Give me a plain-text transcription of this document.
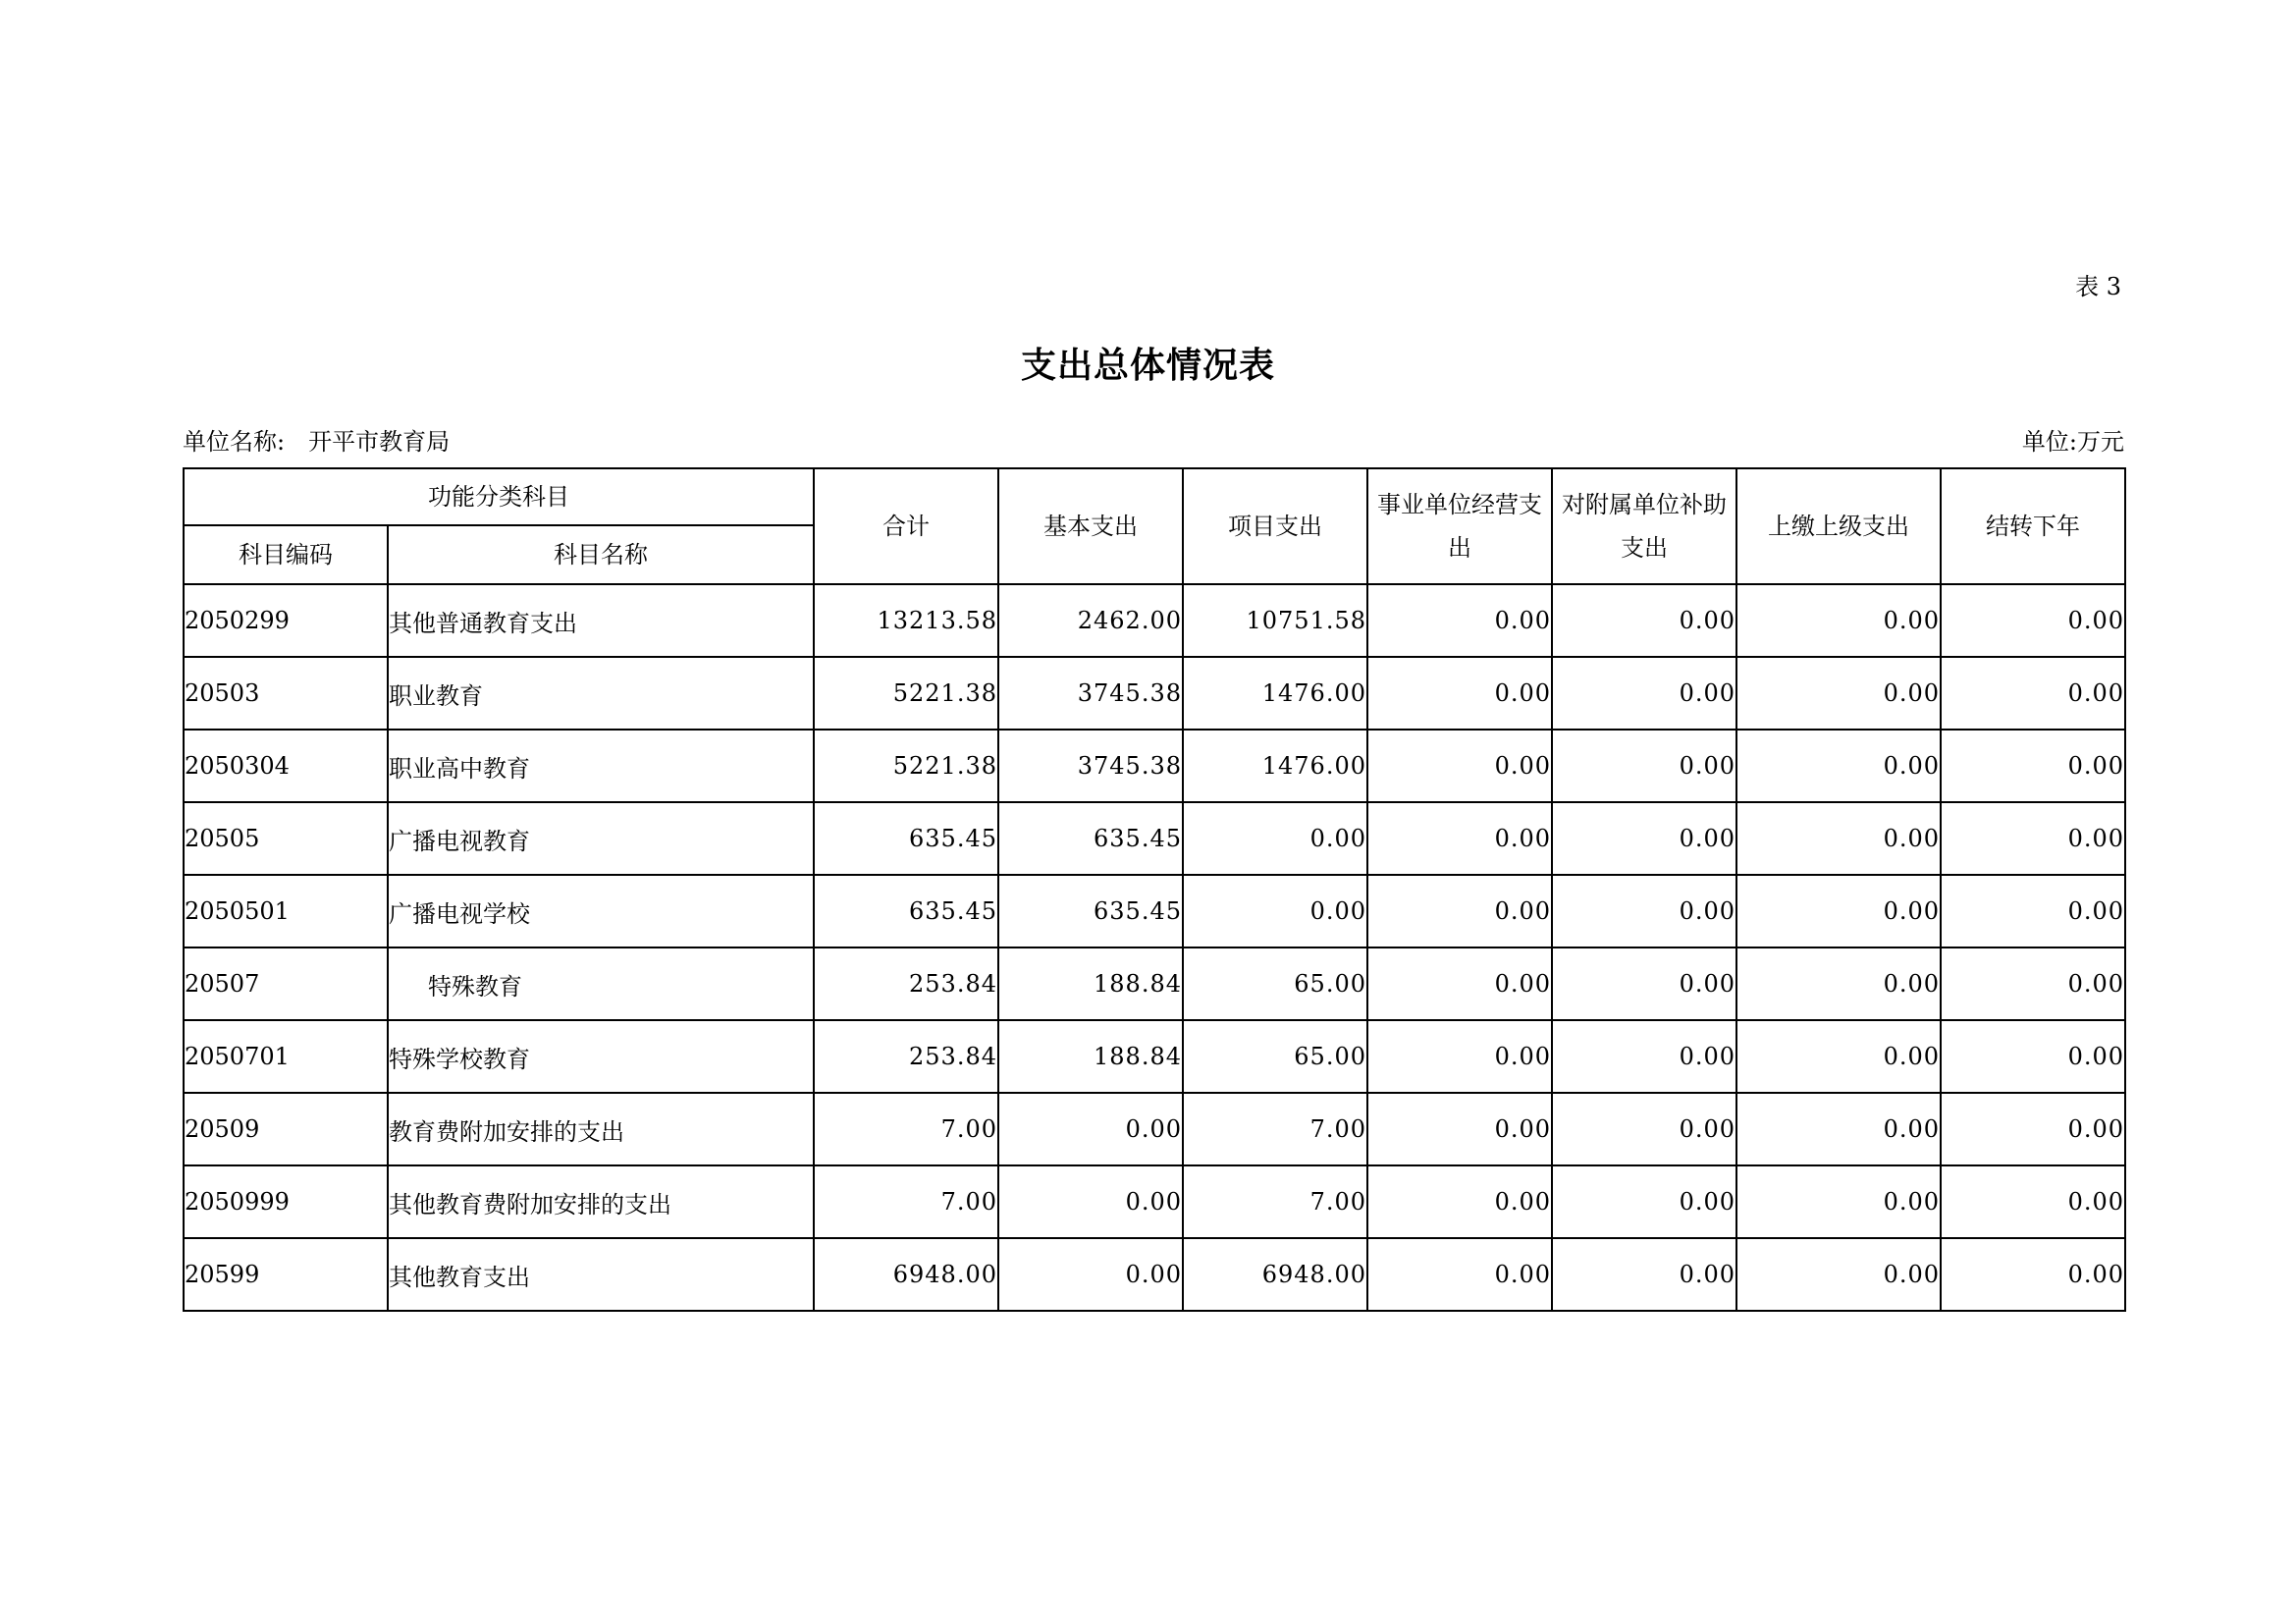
表 3
支出总体情况表
单位名称: 开平市教育局	单位:万元
功能分类科目		合计	基本支出	项目支出	事业单位经营支出	对附属单位补助支出	上缴上级支出	结转下年
科目编码	科目名称							
2050299	其他普通教育支出	13213.58	2462.00	10751.58	0.00	0.00	0.00	0.00
20503	职业教育	5221.38	3745.38	1476.00	0.00	0.00	0.00	0.00
2050304	职业高中教育	5221.38	3745.38	1476.00	0.00	0.00	0.00	0.00
20505	广播电视教育	635.45	635.45	0.00	0.00	0.00	0.00	0.00
2050501	广播电视学校	635.45	635.45	0.00	0.00	0.00	0.00	0.00
20507	特殊教育	253.84	188.84	65.00	0.00	0.00	0.00	0.00
2050701	特殊学校教育	253.84	188.84	65.00	0.00	0.00	0.00	0.00
20509	教育费附加安排的支出	7.00	0.00	7.00	0.00	0.00	0.00	0.00
2050999	其他教育费附加安排的支出	7.00	0.00	7.00	0.00	0.00	0.00	0.00
20599	其他教育支出	6948.00	0.00	6948.00	0.00	0.00	0.00	0.00
